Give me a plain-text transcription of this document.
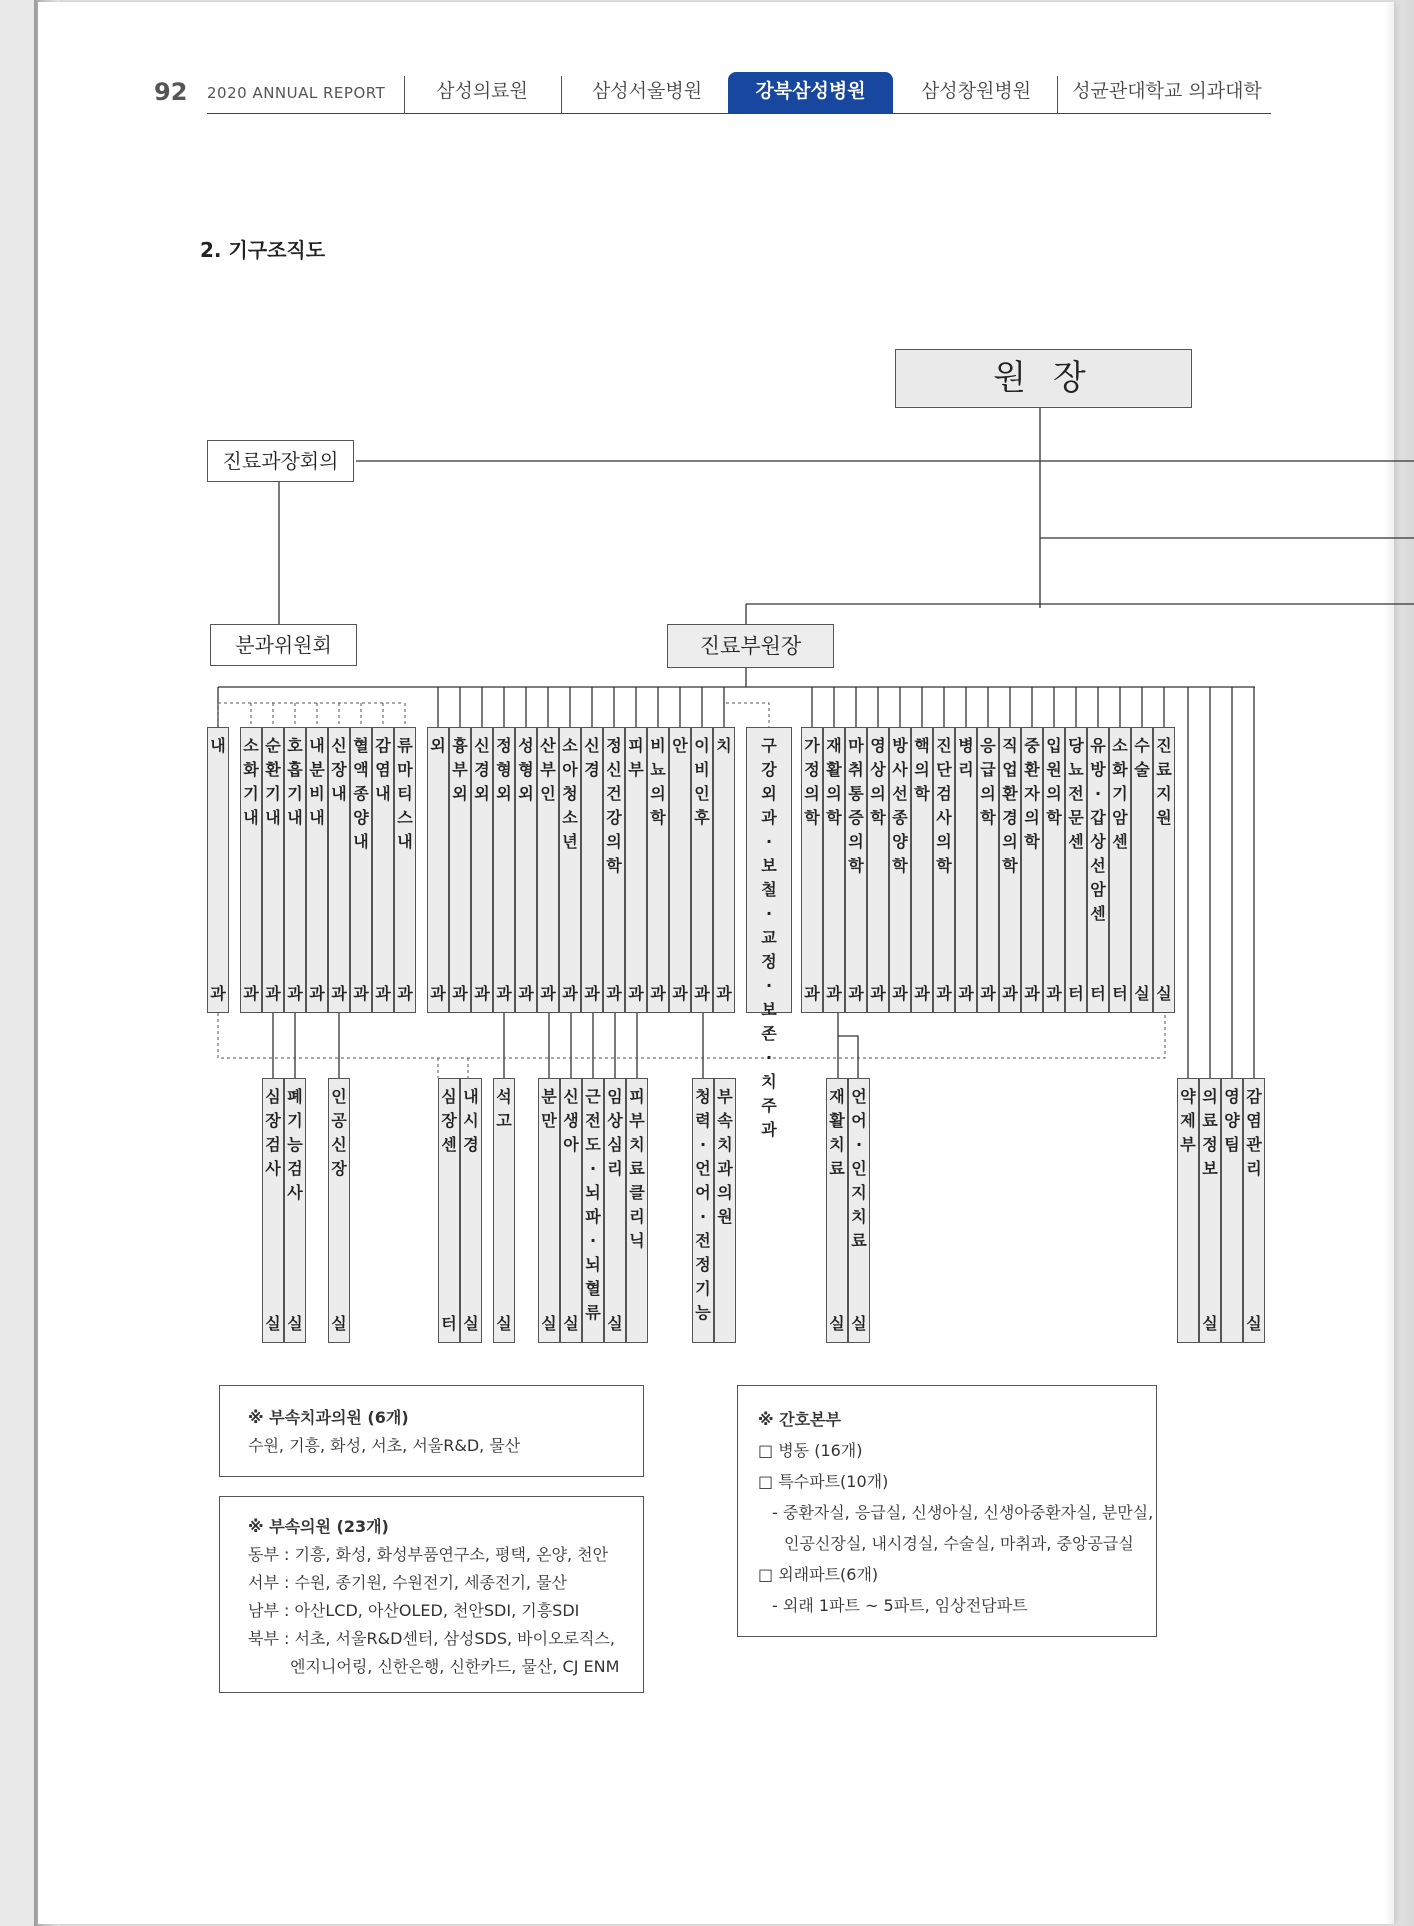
92 2020 ANNUAL REPORT	삼성의료원	삼성서울병원	강북삼성병원	삼성창원병원	성균관대학교 의과대학
2. 기구조직도
원 장
진료과장회의
분과위원회	진료부원장
내
과
소
화
기
내
과
순
환
기
내
과
호
흡
기
내
과
내
분
비
내
과
신
장
내
과
혈
액
종
양
내
과
감
염
내
과
류
마
티
스
내
과
외
과
흉
부
외
과
신
경
외
과
정
형
외
과
성
형
외
과
산
부
인
과
소
아
청
소
년
과
신
경
과
정
신
건
강
의
학
과
피
부
과
비
뇨
의
학
과
안
과
이
비
인
후
과
치
과
구
강
외
과
·
보
철
·
교
정
·
보
존
·
치
주
과
가
정
의
학
과
재
활
의
학
과
마
취
통
증
의
학
과
영
상
의
학
과
방
사
선
종
양
학
과
핵
의
학
과
진
단
검
사
의
학
과
병
리
과
응
급
의
학
과
직
업
환
경
의
학
과
중
환
자
의
학
과
입
원
의
학
과
당
뇨
전
문
센
터
유
방
·
갑
상
선
암
센
터
소
화
기
암
센
터
수
술
실
진
료
지
원
실
심
장
검
사
실
폐
기
능
검
사
실
인
공
신
장
실
심
장
센
터
내
시
경
실
석
고
실
분
만
실
신
생
아
실
근
전
도
·
뇌
파
·
뇌
혈
류
임
상
심
리
실
피
부
치
료
클
리
닉
청
력
·
언
어
·
전
정
기
능
부
속
치
과
의
원
재
활
치
료
실
언
어
·
인
지
치
료
실
약
제
부
의
료
정
보
실
영
양
팀
감
염
관
리
실
※ 부속치과의원 (6개)
수원, 기흥, 화성, 서초, 서울R&D, 물산
※ 부속의원 (23개)
동부 : 기흥, 화성, 화성부품연구소, 평택, 온양, 천안
서부 : 수원, 종기원, 수원전기, 세종전기, 물산
남부 : 아산LCD, 아산OLED, 천안SDI, 기흥SDI
북부 : 서초, 서울R&D센터, 삼성SDS, 바이오로직스,
엔지니어링, 신한은행, 신한카드, 물산, CJ ENM
※ 간호본부
□ 병동 (16개)
□ 특수파트(10개)
- 중환자실, 응급실, 신생아실, 신생아중환자실, 분만실,
인공신장실, 내시경실, 수술실, 마취과, 중앙공급실
□ 외래파트(6개)
- 외래 1파트 ~ 5파트, 임상전담파트
